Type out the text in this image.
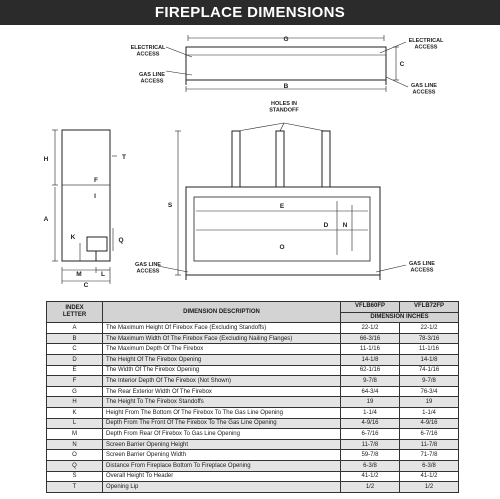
FIREPLACE DIMENSIONS
ELECTRICAL
ACCESS
ELECTRICAL
ACCESS
GAS LINE
ACCESS
GAS LINE
ACCESS
HOLES IN
STANDOFF
GAS LINE
ACCESS
GAS LINE
ACCESS
G
B
C
H	T
F
I
A
K	Q
M	L
C
S	E
D N
O
INDEX
LETTER	DIMENSION DESCRIPTION	VFLB60FP	VFLB72FP
		DIMENSION INCHES	
A	The Maximum Height Of Firebox Face (Excluding Standoffs)	22-1/2	22-1/2
B	The Maximum Width Of The Firebox Face (Excluding Nailing Flanges)	66-3/16	78-3/16
C	The Maximum Depth Of The Firebox	11-1/16	11-1/16
D	The Height Of The Firebox Opening	14-1/8	14-1/8
E	The Width Of The Firebox Opening	62-1/16	74-1/16
F	The Interior Depth Of The Firebox (Not Shown)	9-7/8	9-7/8
G	The Rear Exterior Width Of The Firebox	64-3/4	76-3/4
H	The Height To The Firebox Standoffs	19	19
K	Height From The Bottom Of The Firebox To The Gas Line Opening	1-1/4	1-1/4
L	Depth From The Front Of The Firebox To The Gas Line Opening	4-9/16	4-9/16
M	Depth From Rear Of Firebox To Gas Line Opening	6-7/16	6-7/16
N	Screen Barrier Opening Height	11-7/8	11-7/8
O	Screen Barrier Opening Width	59-7/8	71-7/8
Q	Distance From Fireplace Bottom To Fireplace Opening	6-3/8	6-3/8
S	Overall Height To Header	41-1/2	41-1/2
T	Opening Lip	1/2	1/2
